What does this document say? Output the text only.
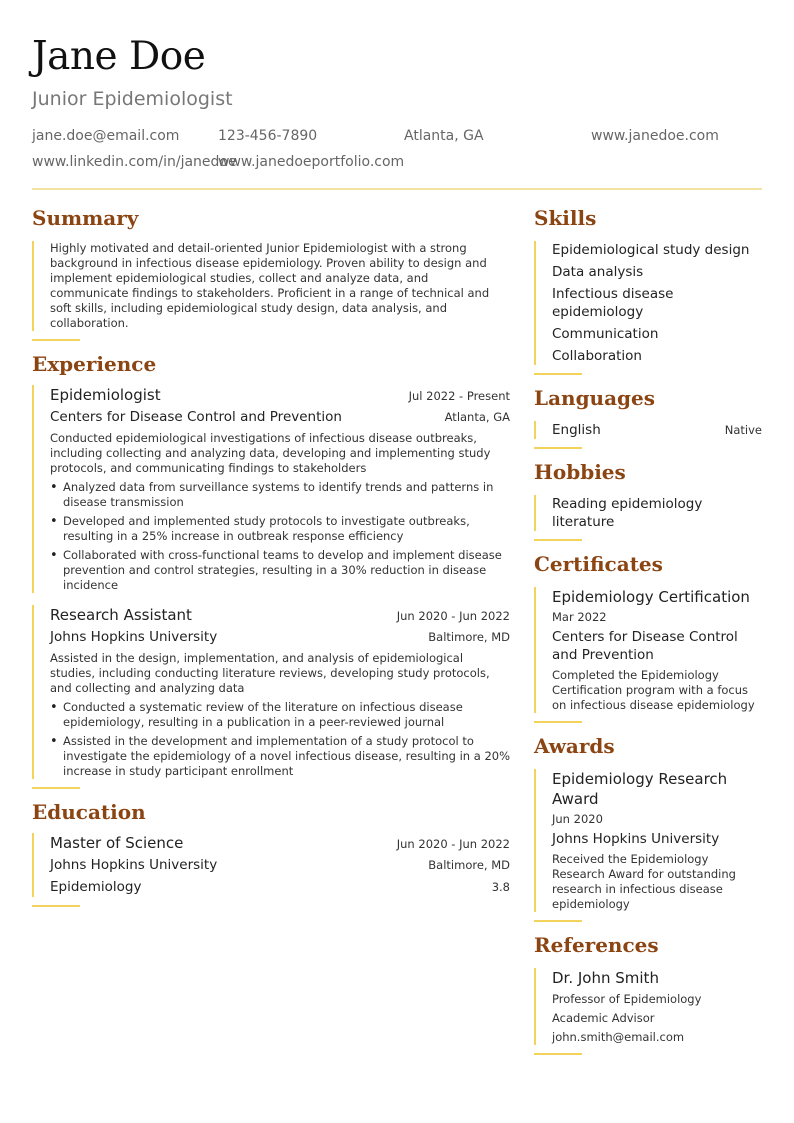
Jane Doe
Junior Epidemiologist
jane.doe@email.com	123-456-7890	Atlanta, GA	www.janedoe.com
www.linkedin.com/in/janedoe
www.janedoeportfolio.com
Summary

Highly motivated and detail-oriented Junior Epidemiologist with a strong background in infectious disease epidemiology. Proven ability to design and implement epidemiological studies, collect and analyze data, and communicate findings to stakeholders. Proficient in a range of technical and soft skills, including epidemiological study design, data analysis, and collaboration.

Experience
Epidemiologist	Jul 2022 - Present
Centers for Disease Control and Prevention	Atlanta, GA

Conducted epidemiological investigations of infectious disease outbreaks, including collecting and analyzing data, developing and implementing study protocols, and communicating findings to stakeholders

• Analyzed data from surveillance systems to identify trends and patterns in disease transmission
• Developed and implemented study protocols to investigate outbreaks, resulting in a 25% increase in outbreak response efficiency
• Collaborated with cross-functional teams to develop and implement disease prevention and control strategies, resulting in a 30% reduction in disease incidence
Research Assistant	Jun 2020 - Jun 2022
Johns Hopkins University	Baltimore, MD

Assisted in the design, implementation, and analysis of epidemiological studies, including conducting literature reviews, developing study protocols, and collecting and analyzing data

• Conducted a systematic review of the literature on infectious disease epidemiology, resulting in a publication in a peer-reviewed journal
• Assisted in the development and implementation of a study protocol to investigate the epidemiology of a novel infectious disease, resulting in a 20% increase in study participant enrollment
Education
Master of Science	Jun 2020 - Jun 2022
Johns Hopkins University	Baltimore, MD
Epidemiology	3.8
Skills
Epidemiological study design
Data analysis
Infectious disease epidemiology
Communication
Collaboration
Languages
English	Native
Hobbies
Reading epidemiology literature
Certificates
Epidemiology Certification
Mar 2022
Centers for Disease Control and Prevention
Completed the Epidemiology Certification program with a focus on infectious disease epidemiology
Awards
Epidemiology Research Award
Jun 2020
Johns Hopkins University
Received the Epidemiology Research Award for outstanding research in infectious disease epidemiology
References
Dr. John Smith
Professor of Epidemiology
Academic Advisor
john.smith@email.com
